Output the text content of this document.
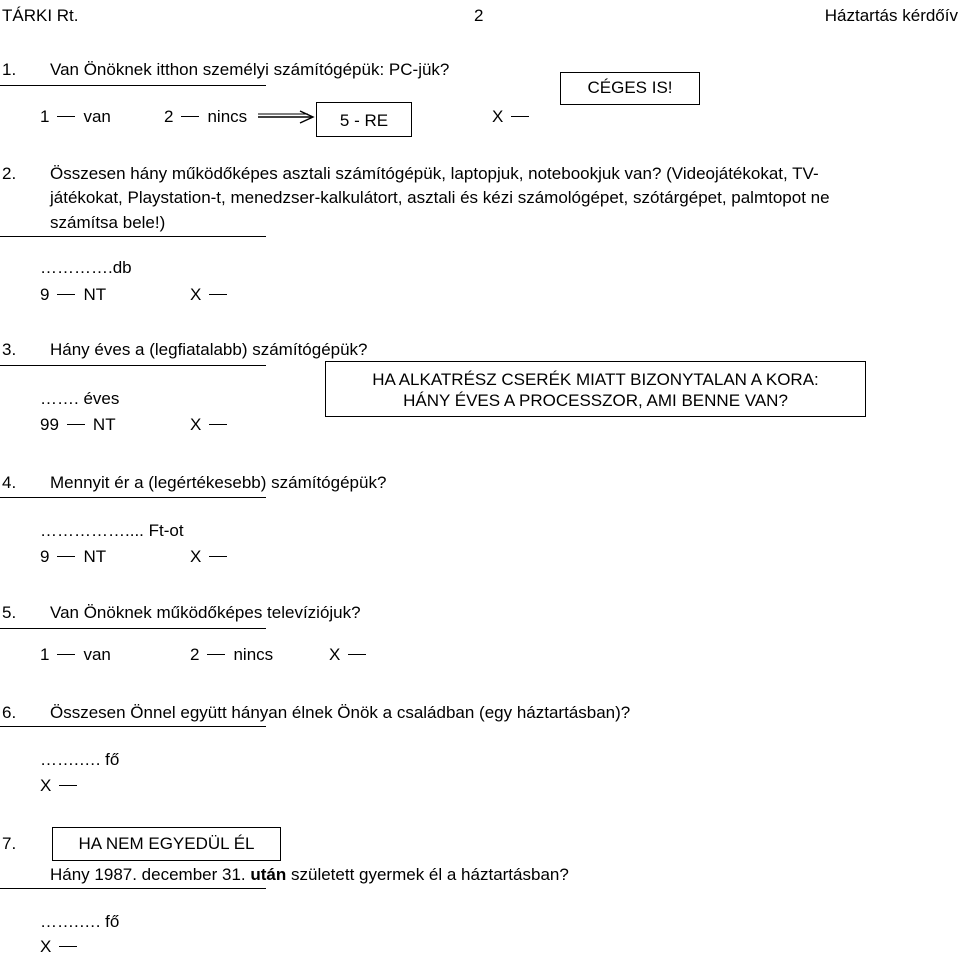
TÁRKI Rt.	2	Háztartás kérdőív
1. Van Önöknek itthon személyi számítógépük: PC-jük?
CÉGES IS!
1 van	2 nincs	5 - RE	X
2. Összesen hány működőképes asztali számítógépük, laptopjuk, notebookjuk van? (Videojátékokat, TV-
játékokat, Playstation-t, menedzser-kalkulátort, asztali és kézi számológépet, szótárgépet, palmtopot ne
számítsa bele!)
………….db
9 NT	X
3. Hány éves a (legfiatalabb) számítógépük?
HA ALKATRÉSZ CSERÉK MIATT BIZONYTALAN A KORA:
HÁNY ÉVES A PROCESSZOR, AMI BENNE VAN?
……. éves
99 NT	X
4. Mennyit ér a (legértékesebb) számítógépük?
…………….... Ft-ot
9 NT	X
5. Van Önöknek működőképes televíziójuk?
1 van	2 nincs	X
6. Összesen Önnel együtt hányan élnek Önök a családban (egy háztartásban)?
…….…. fő
X
7.	HA NEM EGYEDÜL ÉL
Hány 1987. december 31. után született gyermek él a háztartásban?
…….…. fő
X
